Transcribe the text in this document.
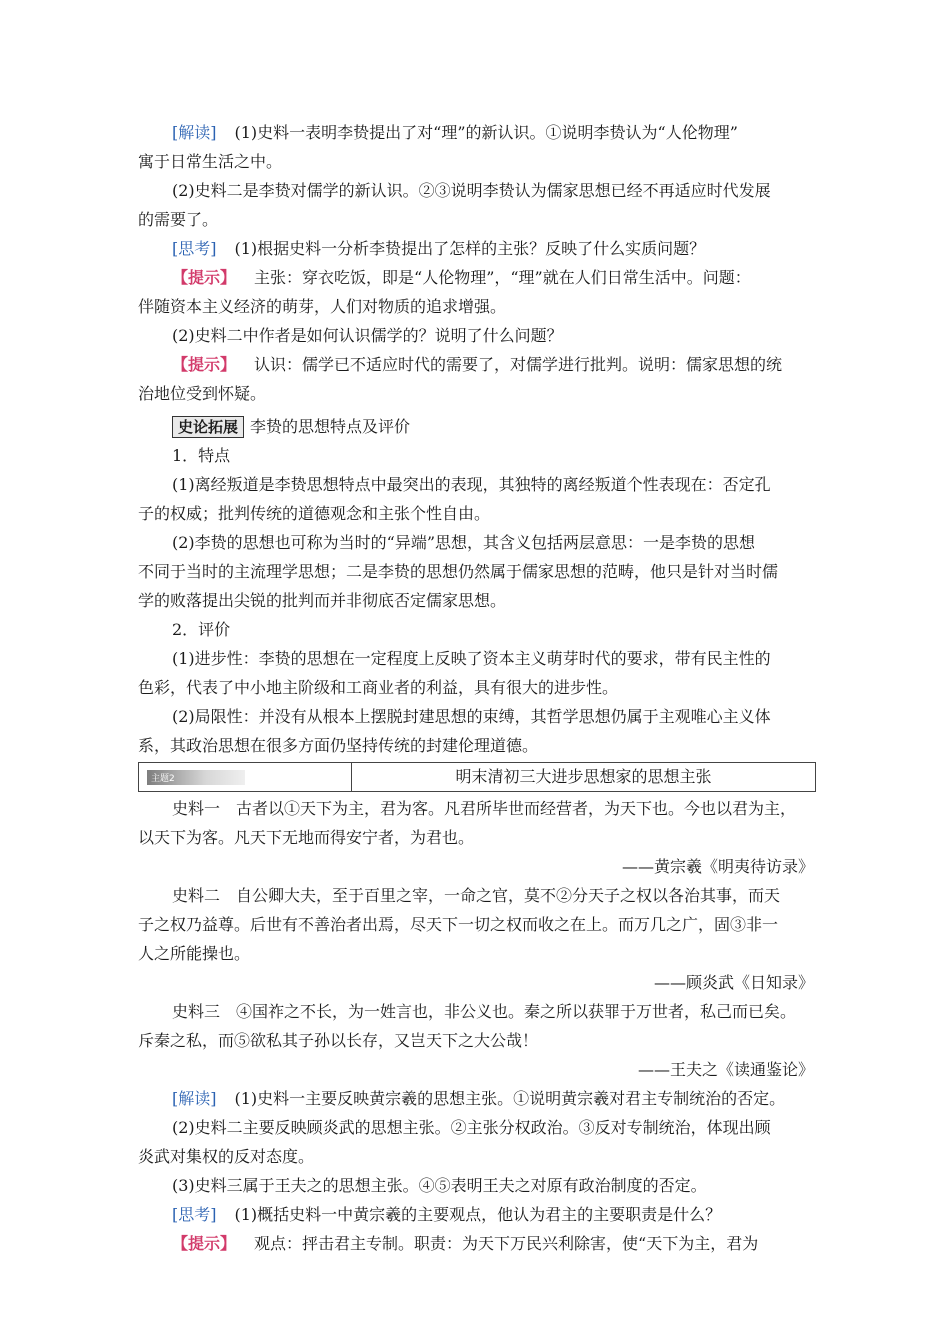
[解读] (1)史料一表明李贽提出了对“理”的新认识。①说明李贽认为“人伦物理”
寓于日常生活之中。
(2)史料二是李贽对儒学的新认识。②③说明李贽认为儒家思想已经不再适应时代发展
的需要了。
[思考] (1)根据史料一分析李贽提出了怎样的主张？反映了什么实质问题？
【提示】 主张：穿衣吃饭，即是“人伦物理”，“理”就在人们日常生活中。问题：
伴随资本主义经济的萌芽，人们对物质的追求增强。
(2)史料二中作者是如何认识儒学的？说明了什么问题？
【提示】 认识：儒学已不适应时代的需要了，对儒学进行批判。说明：儒家思想的统
治地位受到怀疑。
史论拓展 李贽的思想特点及评价
1．特点
(1)离经叛道是李贽思想特点中最突出的表现，其独特的离经叛道个性表现在：否定孔
子的权威；批判传统的道德观念和主张个性自由。
(2)李贽的思想也可称为当时的“异端”思想，其含义包括两层意思：一是李贽的思想
不同于当时的主流理学思想；二是李贽的思想仍然属于儒家思想的范畴，他只是针对当时儒
学的败落提出尖锐的批判而并非彻底否定儒家思想。
2．评价
(1)进步性：李贽的思想在一定程度上反映了资本主义萌芽时代的要求，带有民主性的
色彩，代表了中小地主阶级和工商业者的利益，具有很大的进步性。
(2)局限性：并没有从根本上摆脱封建思想的束缚，其哲学思想仍属于主观唯心主义体
系，其政治思想在很多方面仍坚持传统的封建伦理道德。
主题2	明末清初三大进步思想家的思想主张
史料一　古者以①天下为主，君为客。凡君所毕世而经营者，为天下也。今也以君为主，
以天下为客。凡天下无地而得安宁者，为君也。
——黄宗羲《明夷待访录》
史料二　自公卿大夫，至于百里之宰，一命之官，莫不②分天子之权以各治其事，而天
子之权乃益尊。后世有不善治者出焉，尽天下一切之权而收之在上。而万几之广，固③非一
人之所能操也。
——顾炎武《日知录》
史料三　④国祚之不长，为一姓言也，非公义也。秦之所以获罪于万世者，私己而已矣。
斥秦之私，而⑤欲私其子孙以长存，又岂天下之大公哉！
——王夫之《读通鉴论》
[解读] (1)史料一主要反映黄宗羲的思想主张。①说明黄宗羲对君主专制统治的否定。
(2)史料二主要反映顾炎武的思想主张。②主张分权政治。③反对专制统治，体现出顾
炎武对集权的反对态度。
(3)史料三属于王夫之的思想主张。④⑤表明王夫之对原有政治制度的否定。
[思考] (1)概括史料一中黄宗羲的主要观点，他认为君主的主要职责是什么？
【提示】 观点：抨击君主专制。职责：为天下万民兴利除害，使“天下为主，君为
